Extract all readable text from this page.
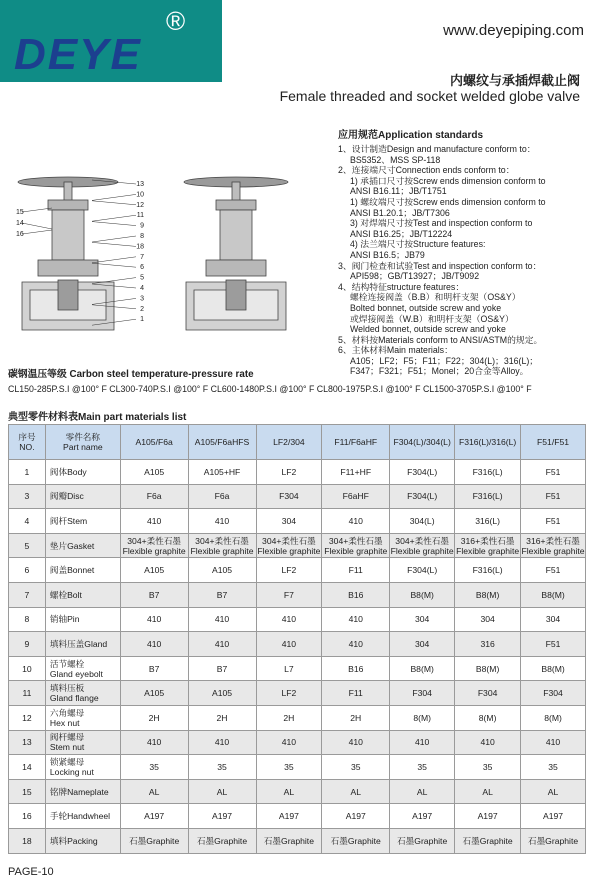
DEYE
®	www.deyepiping.com
内螺纹与承插焊截止阀
Female threaded and socket welded globe valve
应用规范Application standards
1、设计制造Design and manufacture conform to：
BS5352、MSS SP-118
2、连接端尺寸Connection ends conform to：
1) 承插口尺寸按Screw ends dimension conform to
ANSI B16.11；JB/T1751
1) 螺纹端尺寸按Screw ends dimension conform to
ANSI B1.20.1；JB/T7306
3) 对焊端尺寸按Test and inspection conform to
ANSI B16.25；JB/T12224
4) 法兰端尺寸按Structure features:
ANSI B16.5；JB79
3、阀门检查和试验Test and inspection conform to：
API598；GB/T13927；JB/T9092
4、结构特征structure features：
螺栓连接阀盖（B.B）和明杆支架（OS&Y）
Bolted bonnet, outside screw and yoke
或焊接阀盖（W.B）和明杆支架（OS&Y）
Welded bonnet, outside screw and yoke
5、材料按Materials conform to ANSI/ASTM的规定。
6、主体材料Main materials：
A105；LF2；F5；F11；F22；304(L)；316(L)；
F347；F321；F51；Monel；20合金等Alloy。
15
14
16
13
10
12
11
9
8
18
7
6
5
4
3
2
1
碳钢温压等级 Carbon steel temperature-pressure rate
CL150-285P.S.I @100° F CL300-740P.S.I @100° F CL600-1480P.S.I @100° F CL800-1975P.S.I @100° F CL1500-3705P.S.I @100° F
典型零件材料表Main part materials list
序号
NO.	零件名称
Part name	A105/F6a	A105/F6aHFS	LF2/304	F11/F6aHF	F304(L)/304(L)	F316(L)/316(L)	F51/F51
1	阀体Body	A105	A105+HF	LF2	F11+HF	F304(L)	F316(L)	F51
3	阀瓣Disc	F6a	F6a	F304	F6aHF	F304(L)	F316(L)	F51
4	阀杆Stem	410	410	304	410	304(L)	316(L)	F51
5	垫片Gasket	304+柔性石墨
Flexible graphite	304+柔性石墨
Flexible graphite	304+柔性石墨
Flexible graphite	304+柔性石墨
Flexible graphite	304+柔性石墨
Flexible graphite	316+柔性石墨
Flexible graphite	316+柔性石墨
Flexible graphite
6	阀盖Bonnet	A105	A105	LF2	F11	F304(L)	F316(L)	F51
7	螺栓Bolt	B7	B7	F7	B16	B8(M)	B8(M)	B8(M)
8	销轴Pin	410	410	410	410	304	304	304
9	填料压盖Gland	410	410	410	410	304	316	F51
10	活节螺栓
Gland eyebolt	B7	B7	L7	B16	B8(M)	B8(M)	B8(M)
11	填料压板
Gland flange	A105	A105	LF2	F11	F304	F304	F304
12	六角螺母
Hex nut	2H	2H	2H	2H	8(M)	8(M)	8(M)
13	阀杆螺母
Stem nut	410	410	410	410	410	410	410
14	锁紧螺母
Locking nut	35	35	35	35	35	35	35
15	铭牌Nameplate	AL	AL	AL	AL	AL	AL	AL
16	手轮Handwheel	A197	A197	A197	A197	A197	A197	A197
18	填料Packing	石墨Graphite	石墨Graphite	石墨Graphite	石墨Graphite	石墨Graphite	石墨Graphite	石墨Graphite
PAGE-10
